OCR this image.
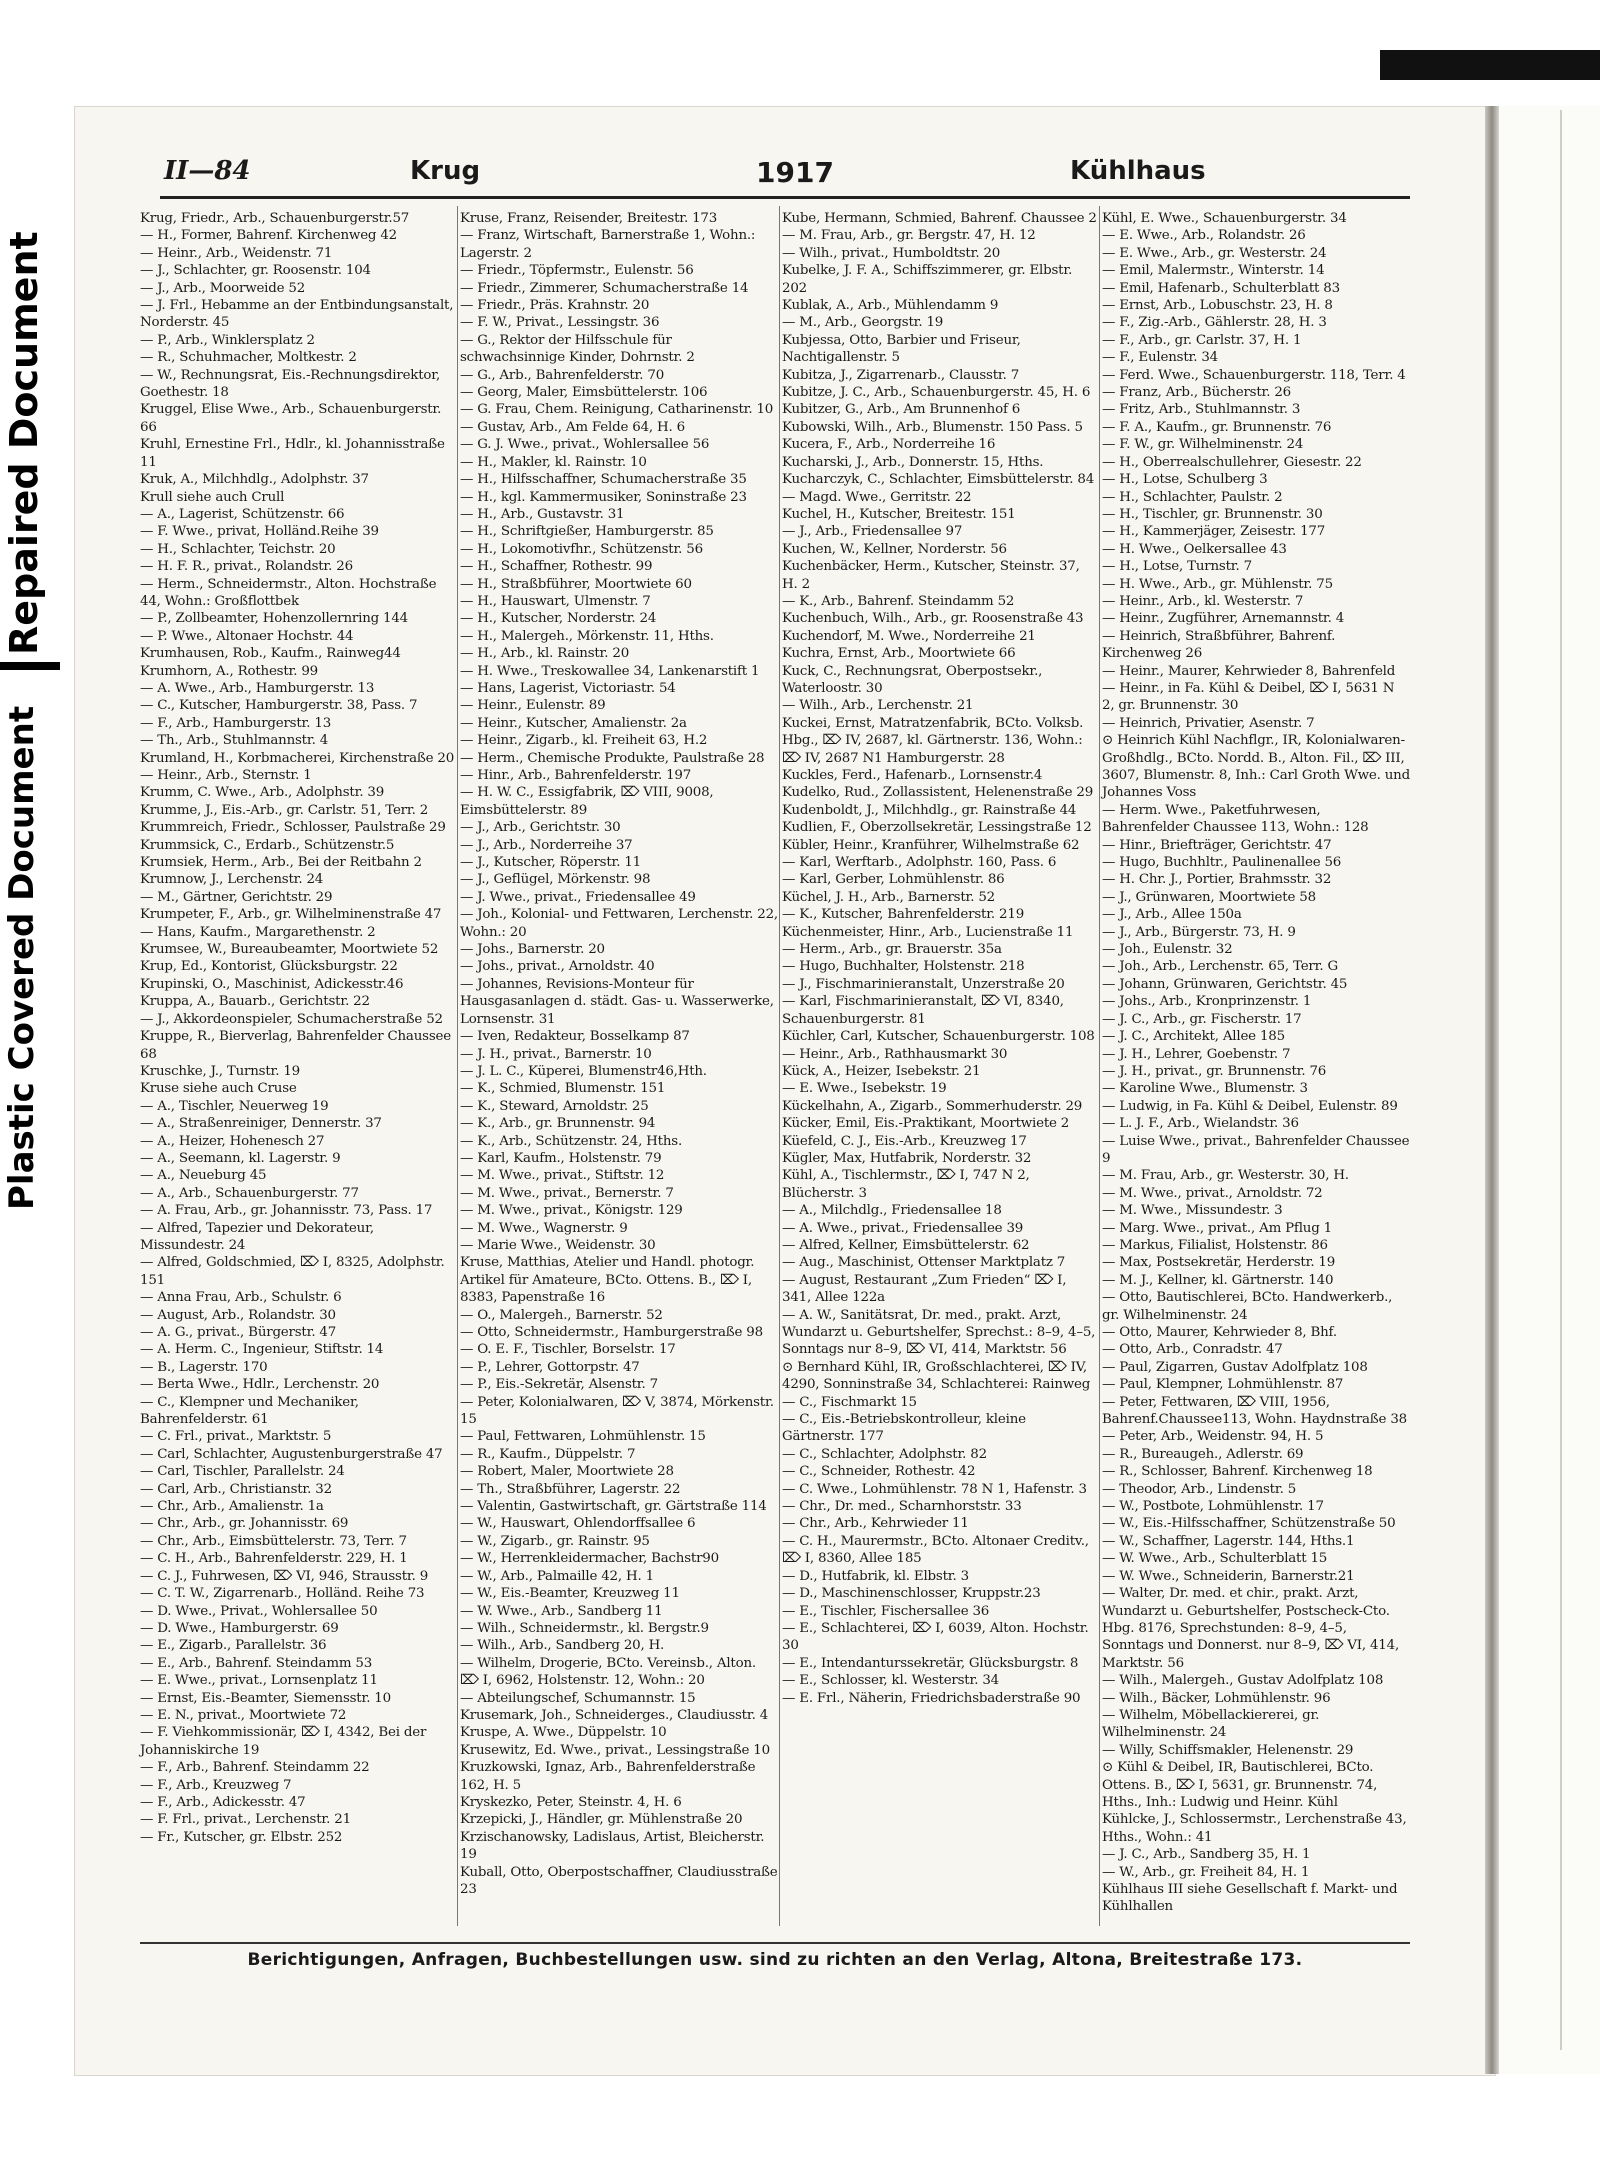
Repaired Document
Plastic Covered Document
II—84	Krug	1917	Kühlhaus
Krug, Friedr., Arb., Schauenburgerstr.57
— H., Former, Bahrenf. Kirchenweg 42
— Heinr., Arb., Weidenstr. 71
— J., Schlachter, gr. Roosenstr. 104
— J., Arb., Moorweide 52
— J. Frl., Hebamme an der Entbindungsanstalt, Norderstr. 45
— P., Arb., Winklersplatz 2
— R., Schuhmacher, Moltkestr. 2
— W., Rechnungsrat, Eis.-Rechnungsdirektor, Goethestr. 18
Kruggel, Elise Wwe., Arb., Schauenburgerstr. 66
Kruhl, Ernestine Frl., Hdlr., kl. Johannisstraße 11
Kruk, A., Milchhdlg., Adolphstr. 37
Krull siehe auch Crull
— A., Lagerist, Schützenstr. 66
— F. Wwe., privat, Holländ.Reihe 39
— H., Schlachter, Teichstr. 20
— H. F. R., privat., Rolandstr. 26
— Herm., Schneidermstr., Alton. Hochstraße 44, Wohn.: Großflottbek
— P., Zollbeamter, Hohenzollernring 144
— P. Wwe., Altonaer Hochstr. 44
Krumhausen, Rob., Kaufm., Rainweg44
Krumhorn, A., Rothestr. 99
— A. Wwe., Arb., Hamburgerstr. 13
— C., Kutscher, Hamburgerstr. 38, Pass. 7
— F., Arb., Hamburgerstr. 13
— Th., Arb., Stuhlmannstr. 4
Krumland, H., Korbmacherei, Kirchenstraße 20
— Heinr., Arb., Sternstr. 1
Krumm, C. Wwe., Arb., Adolphstr. 39
Krumme, J., Eis.-Arb., gr. Carlstr. 51, Terr. 2
Krummreich, Friedr., Schlosser, Paulstraße 29
Krummsick, C., Erdarb., Schützenstr.5
Krumsiek, Herm., Arb., Bei der Reitbahn 2
Krumnow, J., Lerchenstr. 24
— M., Gärtner, Gerichtstr. 29
Krumpeter, F., Arb., gr. Wilhelminenstraße 47
— Hans, Kaufm., Margarethenstr. 2
Krumsee, W., Bureaubeamter, Moortwiete 52
Krup, Ed., Kontorist, Glücksburgstr. 22
Krupinski, O., Maschinist, Adickesstr.46
Kruppa, A., Bauarb., Gerichtstr. 22
— J., Akkordeonspieler, Schumacherstraße 52
Kruppe, R., Bierverlag, Bahrenfelder Chaussee 68
Kruschke, J., Turnstr. 19
Kruse siehe auch Cruse
— A., Tischler, Neuerweg 19
— A., Straßenreiniger, Dennerstr. 37
— A., Heizer, Hohenesch 27
— A., Seemann, kl. Lagerstr. 9
— A., Neueburg 45
— A., Arb., Schauenburgerstr. 77
— A. Frau, Arb., gr. Johannisstr. 73, Pass. 17
— Alfred, Tapezier und Dekorateur, Missundestr. 24
— Alfred, Goldschmied, ⌦ I, 8325, Adolphstr. 151
— Anna Frau, Arb., Schulstr. 6
— August, Arb., Rolandstr. 30
— A. G., privat., Bürgerstr. 47
— A. Herm. C., Ingenieur, Stiftstr. 14
— B., Lagerstr. 170
— Berta Wwe., Hdlr., Lerchenstr. 20
— C., Klempner und Mechaniker, Bahrenfelderstr. 61
— C. Frl., privat., Marktstr. 5
— Carl, Schlachter, Augustenburgerstraße 47
— Carl, Tischler, Parallelstr. 24
— Carl, Arb., Christianstr. 32
— Chr., Arb., Amalienstr. 1a
— Chr., Arb., gr. Johannisstr. 69
— Chr., Arb., Eimsbüttelerstr. 73, Terr. 7
— C. H., Arb., Bahrenfelderstr. 229, H. 1
— C. J., Fuhrwesen, ⌦ VI, 946, Strausstr. 9
— C. T. W., Zigarrenarb., Holländ. Reihe 73
— D. Wwe., Privat., Wohlersallee 50
— D. Wwe., Hamburgerstr. 69
— E., Zigarb., Parallelstr. 36
— E., Arb., Bahrenf. Steindamm 53
— E. Wwe., privat., Lornsenplatz 11
— Ernst, Eis.-Beamter, Siemensstr. 10
— E. N., privat., Moortwiete 72
— F. Viehkommissionär, ⌦ I, 4342, Bei der Johanniskirche 19
— F., Arb., Bahrenf. Steindamm 22
— F., Arb., Kreuzweg 7
— F., Arb., Adickesstr. 47
— F. Frl., privat., Lerchenstr. 21
— Fr., Kutscher, gr. Elbstr. 252
Kruse, Franz, Reisender, Breitestr. 173
— Franz, Wirtschaft, Barnerstraße 1, Wohn.: Lagerstr. 2
— Friedr., Töpfermstr., Eulenstr. 56
— Friedr., Zimmerer, Schumacherstraße 14
— Friedr., Präs. Krahnstr. 20
— F. W., Privat., Lessingstr. 36
— G., Rektor der Hilfsschule für schwachsinnige Kinder, Dohrnstr. 2
— G., Arb., Bahrenfelderstr. 70
— Georg, Maler, Eimsbüttelerstr. 106
— G. Frau, Chem. Reinigung, Catharinenstr. 10
— Gustav, Arb., Am Felde 64, H. 6
— G. J. Wwe., privat., Wohlersallee 56
— H., Makler, kl. Rainstr. 10
— H., Hilfsschaffner, Schumacherstraße 35
— H., kgl. Kammermusiker, Soninstraße 23
— H., Arb., Gustavstr. 31
— H., Schriftgießer, Hamburgerstr. 85
— H., Lokomotivfhr., Schützenstr. 56
— H., Schaffner, Rothestr. 99
— H., Straßbführer, Moortwiete 60
— H., Hauswart, Ulmenstr. 7
— H., Kutscher, Norderstr. 24
— H., Malergeh., Mörkenstr. 11, Hths.
— H., Arb., kl. Rainstr. 20
— H. Wwe., Treskowallee 34, Lankenarstift 1
— Hans, Lagerist, Victoriastr. 54
— Heinr., Eulenstr. 89
— Heinr., Kutscher, Amalienstr. 2a
— Heinr., Zigarb., kl. Freiheit 63, H.2
— Herm., Chemische Produkte, Paulstraße 28
— Hinr., Arb., Bahrenfelderstr. 197
— H. W. C., Essigfabrik, ⌦ VIII, 9008, Eimsbüttelerstr. 89
— J., Arb., Gerichtstr. 30
— J., Arb., Norderreihe 37
— J., Kutscher, Röperstr. 11
— J., Geflügel, Mörkenstr. 98
— J. Wwe., privat., Friedensallee 49
— Joh., Kolonial- und Fettwaren, Lerchenstr. 22, Wohn.: 20
— Johs., Barnerstr. 20
— Johs., privat., Arnoldstr. 40
— Johannes, Revisions-Monteur für Hausgasanlagen d. städt. Gas- u. Wasserwerke, Lornsenstr. 31
— Iven, Redakteur, Bosselkamp 87
— J. H., privat., Barnerstr. 10
— J. L. C., Küperei, Blumenstr46,Hth.
— K., Schmied, Blumenstr. 151
— K., Steward, Arnoldstr. 25
— K., Arb., gr. Brunnenstr. 94
— K., Arb., Schützenstr. 24, Hths.
— Karl, Kaufm., Holstenstr. 79
— M. Wwe., privat., Stiftstr. 12
— M. Wwe., privat., Bernerstr. 7
— M. Wwe., privat., Königstr. 129
— M. Wwe., Wagnerstr. 9
— Marie Wwe., Weidenstr. 30
Kruse, Matthias, Atelier und Handl. photogr. Artikel für Amateure, BCto. Ottens. B., ⌦ I, 8383, Papenstraße 16
— O., Malergeh., Barnerstr. 52
— Otto, Schneidermstr., Hamburgerstraße 98
— O. E. F., Tischler, Borselstr. 17
— P., Lehrer, Gottorpstr. 47
— P., Eis.-Sekretär, Alsenstr. 7
— Peter, Kolonialwaren, ⌦ V, 3874, Mörkenstr. 15
— Paul, Fettwaren, Lohmühlenstr. 15
— R., Kaufm., Düppelstr. 7
— Robert, Maler, Moortwiete 28
— Th., Straßbführer, Lagerstr. 22
— Valentin, Gastwirtschaft, gr. Gärtstraße 114
— W., Hauswart, Ohlendorffsallee 6
— W., Zigarb., gr. Rainstr. 95
— W., Herrenkleidermacher, Bachstr90
— W., Arb., Palmaille 42, H. 1
— W., Eis.-Beamter, Kreuzweg 11
— W. Wwe., Arb., Sandberg 11
— Wilh., Schneidermstr., kl. Bergstr.9
— Wilh., Arb., Sandberg 20, H.
— Wilhelm, Drogerie, BCto. Vereinsb., Alton. ⌦ I, 6962, Holstenstr. 12, Wohn.: 20
— Abteilungschef, Schumannstr. 15
Krusemark, Joh., Schneiderges., Claudiusstr. 4
Kruspe, A. Wwe., Düppelstr. 10
Krusewitz, Ed. Wwe., privat., Lessingstraße 10
Kruzkowski, Ignaz, Arb., Bahrenfelderstraße 162, H. 5
Kryskezko, Peter, Steinstr. 4, H. 6
Krzepicki, J., Händler, gr. Mühlenstraße 20
Krzischanowsky, Ladislaus, Artist, Bleicherstr. 19
Kuball, Otto, Oberpostschaffner, Claudiusstraße 23
Kube, Hermann, Schmied, Bahrenf. Chaussee 2
— M. Frau, Arb., gr. Bergstr. 47, H. 12
— Wilh., privat., Humboldtstr. 20
Kubelke, J. F. A., Schiffszimmerer, gr. Elbstr. 202
Kublak, A., Arb., Mühlendamm 9
— M., Arb., Georgstr. 19
Kubjessa, Otto, Barbier und Friseur, Nachtigallenstr. 5
Kubitza, J., Zigarrenarb., Clausstr. 7
Kubitze, J. C., Arb., Schauenburgerstr. 45, H. 6
Kubitzer, G., Arb., Am Brunnenhof 6
Kubowski, Wilh., Arb., Blumenstr. 150 Pass. 5
Kucera, F., Arb., Norderreihe 16
Kucharski, J., Arb., Donnerstr. 15, Hths.
Kucharczyk, C., Schlachter, Eimsbüttelerstr. 84
— Magd. Wwe., Gerritstr. 22
Kuchel, H., Kutscher, Breitestr. 151
— J., Arb., Friedensallee 97
Kuchen, W., Kellner, Norderstr. 56
Kuchenbäcker, Herm., Kutscher, Steinstr. 37, H. 2
— K., Arb., Bahrenf. Steindamm 52
Kuchenbuch, Wilh., Arb., gr. Roosenstraße 43
Kuchendorf, M. Wwe., Norderreihe 21
Kuchra, Ernst, Arb., Moortwiete 66
Kuck, C., Rechnungsrat, Oberpostsekr., Waterloostr. 30
— Wilh., Arb., Lerchenstr. 21
Kuckei, Ernst, Matratzenfabrik, BCto. Volksb. Hbg., ⌦ IV, 2687, kl. Gärtnerstr. 136, Wohn.: ⌦ IV, 2687 N1 Hamburgerstr. 28
Kuckles, Ferd., Hafenarb., Lornsenstr.4
Kudelko, Rud., Zollassistent, Helenenstraße 29
Kudenboldt, J., Milchhdlg., gr. Rainstraße 44
Kudlien, F., Oberzollsekretär, Lessingstraße 12
Kübler, Heinr., Kranführer, Wilhelmstraße 62
— Karl, Werftarb., Adolphstr. 160, Pass. 6
— Karl, Gerber, Lohmühlenstr. 86
Küchel, J. H., Arb., Barnerstr. 52
— K., Kutscher, Bahrenfelderstr. 219
Küchenmeister, Hinr., Arb., Lucienstraße 11
— Herm., Arb., gr. Brauerstr. 35a
— Hugo, Buchhalter, Holstenstr. 218
— J., Fischmarinieranstalt, Unzerstraße 20
— Karl, Fischmarinieranstalt, ⌦ VI, 8340, Schauenburgerstr. 81
Küchler, Carl, Kutscher, Schauenburgerstr. 108
— Heinr., Arb., Rathhausmarkt 30
Kück, A., Heizer, Isebekstr. 21
— E. Wwe., Isebekstr. 19
Kückelhahn, A., Zigarb., Sommerhuderstr. 29
Kücker, Emil, Eis.-Praktikant, Moortwiete 2
Küefeld, C. J., Eis.-Arb., Kreuzweg 17
Kügler, Max, Hutfabrik, Norderstr. 32
Kühl, A., Tischlermstr., ⌦ I, 747 N 2, Blücherstr. 3
— A., Milchdlg., Friedensallee 18
— A. Wwe., privat., Friedensallee 39
— Alfred, Kellner, Eimsbüttelerstr. 62
— Aug., Maschinist, Ottenser Marktplatz 7
— August, Restaurant „Zum Frieden“ ⌦ I, 341, Allee 122a
— A. W., Sanitätsrat, Dr. med., prakt. Arzt, Wundarzt u. Geburtshelfer, Sprechst.: 8–9, 4–5, Sonntags nur 8–9, ⌦ VI, 414, Marktstr. 56
⊙ Bernhard Kühl, IR, Großschlachterei, ⌦ IV, 4290, Sonninstraße 34, Schlachterei: Rainweg
— C., Fischmarkt 15
— C., Eis.-Betriebskontrolleur, kleine Gärtnerstr. 177
— C., Schlachter, Adolphstr. 82
— C., Schneider, Rothestr. 42
— C. Wwe., Lohmühlenstr. 78 N 1, Hafenstr. 3
— Chr., Dr. med., Scharnhorststr. 33
— Chr., Arb., Kehrwieder 11
— C. H., Maurermstr., BCto. Altonaer Creditv., ⌦ I, 8360, Allee 185
— D., Hutfabrik, kl. Elbstr. 3
— D., Maschinenschlosser, Kruppstr.23
— E., Tischler, Fischersallee 36
— E., Schlachterei, ⌦ I, 6039, Alton. Hochstr. 30
— E., Intendanturssekretär, Glücksburgstr. 8
— E., Schlosser, kl. Westerstr. 34
— E. Frl., Näherin, Friedrichsbaderstraße 90
Kühl, E. Wwe., Schauenburgerstr. 34
— E. Wwe., Arb., Rolandstr. 26
— E. Wwe., Arb., gr. Westerstr. 24
— Emil, Malermstr., Winterstr. 14
— Emil, Hafenarb., Schulterblatt 83
— Ernst, Arb., Lobuschstr. 23, H. 8
— F., Zig.-Arb., Gählerstr. 28, H. 3
— F., Arb., gr. Carlstr. 37, H. 1
— F., Eulenstr. 34
— Ferd. Wwe., Schauenburgerstr. 118, Terr. 4
— Franz, Arb., Bücherstr. 26
— Fritz, Arb., Stuhlmannstr. 3
— F. A., Kaufm., gr. Brunnenstr. 76
— F. W., gr. Wilhelminenstr. 24
— H., Oberrealschullehrer, Giesestr. 22
— H., Lotse, Schulberg 3
— H., Schlachter, Paulstr. 2
— H., Tischler, gr. Brunnenstr. 30
— H., Kammerjäger, Zeisestr. 177
— H. Wwe., Oelkersallee 43
— H., Lotse, Turnstr. 7
— H. Wwe., Arb., gr. Mühlenstr. 75
— Heinr., Arb., kl. Westerstr. 7
— Heinr., Zugführer, Arnemannstr. 4
— Heinrich, Straßbführer, Bahrenf. Kirchenweg 26
— Heinr., Maurer, Kehrwieder 8, Bahrenfeld
— Heinr., in Fa. Kühl & Deibel, ⌦ I, 5631 N 2, gr. Brunnenstr. 30
— Heinrich, Privatier, Asenstr. 7
⊙ Heinrich Kühl Nachflgr., IR, Kolonialwaren-Großhdlg., BCto. Nordd. B., Alton. Fil., ⌦ III, 3607, Blumenstr. 8, Inh.: Carl Groth Wwe. und Johannes Voss
— Herm. Wwe., Paketfuhrwesen, Bahrenfelder Chaussee 113, Wohn.: 128
— Hinr., Briefträger, Gerichtstr. 47
— Hugo, Buchhltr., Paulinenallee 56
— H. Chr. J., Portier, Brahmsstr. 32
— J., Grünwaren, Moortwiete 58
— J., Arb., Allee 150a
— J., Arb., Bürgerstr. 73, H. 9
— Joh., Eulenstr. 32
— Joh., Arb., Lerchenstr. 65, Terr. G
— Johann, Grünwaren, Gerichtstr. 45
— Johs., Arb., Kronprinzenstr. 1
— J. C., Arb., gr. Fischerstr. 17
— J. C., Architekt, Allee 185
— J. H., Lehrer, Goebenstr. 7
— J. H., privat., gr. Brunnenstr. 76
— Karoline Wwe., Blumenstr. 3
— Ludwig, in Fa. Kühl & Deibel, Eulenstr. 89
— L. J. F., Arb., Wielandstr. 36
— Luise Wwe., privat., Bahrenfelder Chaussee 9
— M. Frau, Arb., gr. Westerstr. 30, H.
— M. Wwe., privat., Arnoldstr. 72
— M. Wwe., Missundestr. 3
— Marg. Wwe., privat., Am Pflug 1
— Markus, Filialist, Holstenstr. 86
— Max, Postsekretär, Herderstr. 19
— M. J., Kellner, kl. Gärtnerstr. 140
— Otto, Bautischlerei, BCto. Handwerkerb., gr. Wilhelminenstr. 24
— Otto, Maurer, Kehrwieder 8, Bhf.
— Otto, Arb., Conradstr. 47
— Paul, Zigarren, Gustav Adolfplatz 108
— Paul, Klempner, Lohmühlenstr. 87
— Peter, Fettwaren, ⌦ VIII, 1956, Bahrenf.Chaussee113, Wohn. Haydnstraße 38
— Peter, Arb., Weidenstr. 94, H. 5
— R., Bureaugeh., Adlerstr. 69
— R., Schlosser, Bahrenf. Kirchenweg 18
— Theodor, Arb., Lindenstr. 5
— W., Postbote, Lohmühlenstr. 17
— W., Eis.-Hilfsschaffner, Schützenstraße 50
— W., Schaffner, Lagerstr. 144, Hths.1
— W. Wwe., Arb., Schulterblatt 15
— W. Wwe., Schneiderin, Barnerstr.21
— Walter, Dr. med. et chir., prakt. Arzt, Wundarzt u. Geburtshelfer, Postscheck-Cto. Hbg. 8176, Sprechstunden: 8–9, 4–5, Sonntags und Donnerst. nur 8–9, ⌦ VI, 414, Marktstr. 56
— Wilh., Malergeh., Gustav Adolfplatz 108
— Wilh., Bäcker, Lohmühlenstr. 96
— Wilhelm, Möbellackiererei, gr. Wilhelminenstr. 24
— Willy, Schiffsmakler, Helenenstr. 29
⊙ Kühl & Deibel, IR, Bautischlerei, BCto. Ottens. B., ⌦ I, 5631, gr. Brunnenstr. 74, Hths., Inh.: Ludwig und Heinr. Kühl
Kühlcke, J., Schlossermstr., Lerchenstraße 43, Hths., Wohn.: 41
— J. C., Arb., Sandberg 35, H. 1
— W., Arb., gr. Freiheit 84, H. 1
Kühlhaus III siehe Gesellschaft f. Markt- und Kühlhallen
Berichtigungen, Anfragen, Buchbestellungen usw. sind zu richten an den Verlag, Altona, Breitestraße 173.
